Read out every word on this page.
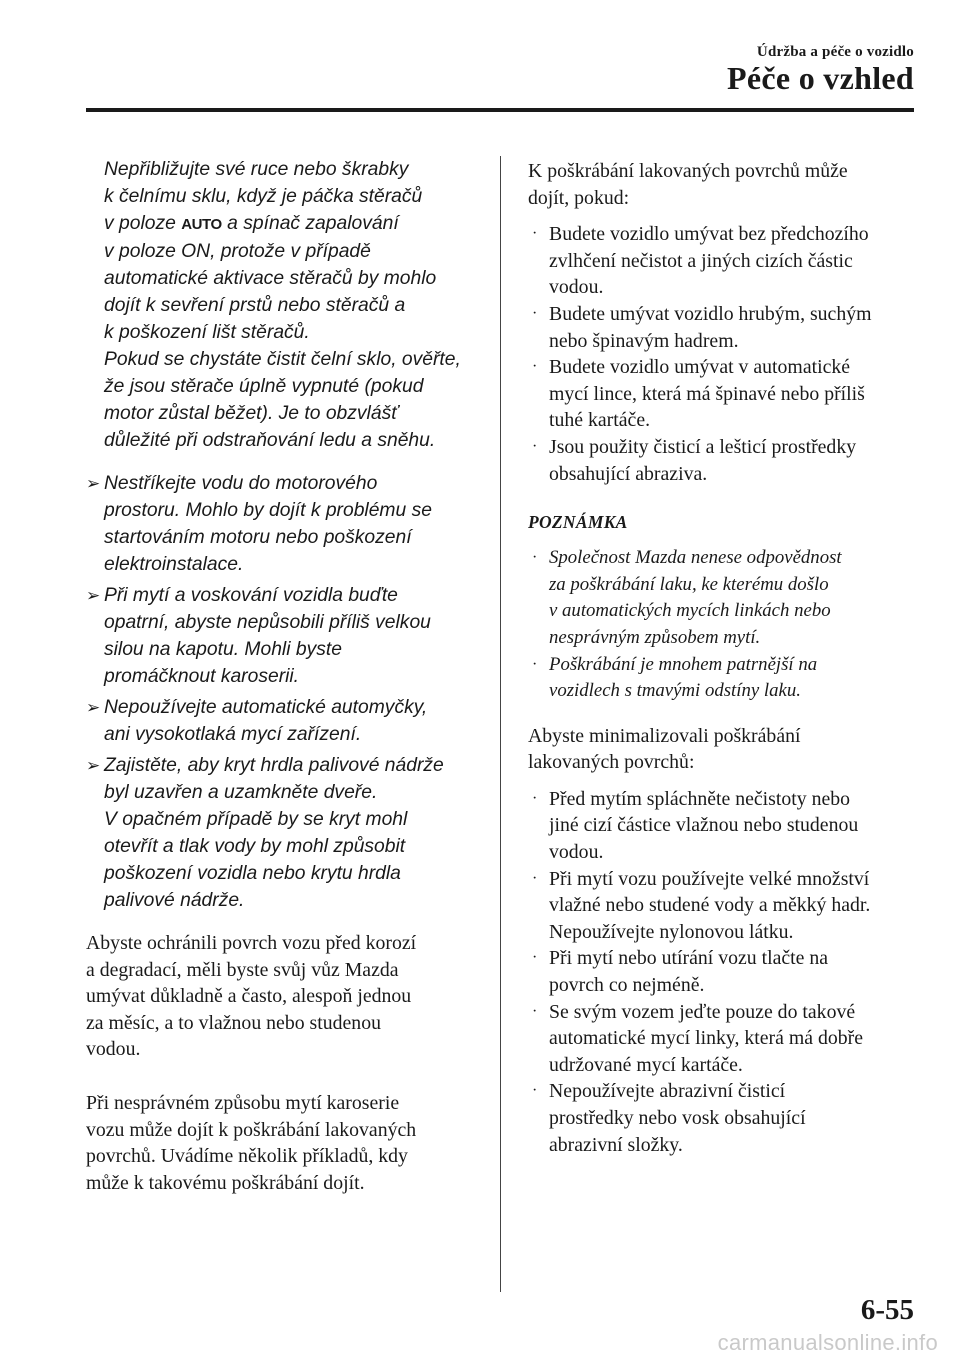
Údržba a péče o vozidlo
Péče o vzhled
Nepřibližujte své ruce nebo škrabky
k čelnímu sklu, když je páčka stěračů
v poloze AUTO a spínač zapalování
v poloze ON, protože v případě
automatické aktivace stěračů by mohlo
dojít k sevření prstů nebo stěračů a
k poškození lišt stěračů.
Pokud se chystáte čistit čelní sklo, ověřte,
že jsou stěrače úplně vypnuté (pokud
motor zůstal běžet). Je to obzvlášť
důležité při odstraňování ledu a sněhu.
➢ Nestříkejte vodu do motorového
prostoru. Mohlo by dojít k problému se
startováním motoru nebo poškození
elektroinstalace.
➢ Při mytí a voskování vozidla buďte
opatrní, abyste nepůsobili příliš velkou
silou na kapotu. Mohli byste
promáčknout karoserii.
➢ Nepoužívejte automatické automyčky,
ani vysokotlaká mycí zařízení.
➢ Zajistěte, aby kryt hrdla palivové nádrže
byl uzavřen a uzamkněte dveře.
V opačném případě by se kryt mohl
otevřít a tlak vody by mohl způsobit
poškození vozidla nebo krytu hrdla
palivové nádrže.

Abyste ochránili povrch vozu před korozí
a degradací, měli byste svůj vůz Mazda
umývat důkladně a často, alespoň jednou
za měsíc, a to vlažnou nebo studenou
vodou.

Při nesprávném způsobu mytí karoserie
vozu může dojít k poškrábání lakovaných
povrchů. Uvádíme několik příkladů, kdy
může k takovému poškrábání dojít.

K poškrábání lakovaných povrchů může
dojít, pokud:

· Budete vozidlo umývat bez předchozího
zvlhčení nečistot a jiných cizích částic
vodou.
· Budete umývat vozidlo hrubým, suchým
nebo špinavým hadrem.
· Budete vozidlo umývat v automatické
mycí lince, která má špinavé nebo příliš
tuhé kartáče.
· Jsou použity čisticí a lešticí prostředky
obsahující abraziva.
POZNÁMKA
· Společnost Mazda nenese odpovědnost
za poškrábání laku, ke kterému došlo
v automatických mycích linkách nebo
nesprávným způsobem mytí.
· Poškrábání je mnohem patrnější na
vozidlech s tmavými odstíny laku.

Abyste minimalizovali poškrábání
lakovaných povrchů:

· Před mytím spláchněte nečistoty nebo
jiné cizí částice vlažnou nebo studenou
vodou.
· Při mytí vozu používejte velké množství
vlažné nebo studené vody a měkký hadr.
Nepoužívejte nylonovou látku.
· Při mytí nebo utírání vozu tlačte na
povrch co nejméně.
· Se svým vozem jeďte pouze do takové
automatické mycí linky, která má dobře
udržované mycí kartáče.
· Nepoužívejte abrazivní čisticí
prostředky nebo vosk obsahující
abrazivní složky.
6-55
carmanualsonline.info
